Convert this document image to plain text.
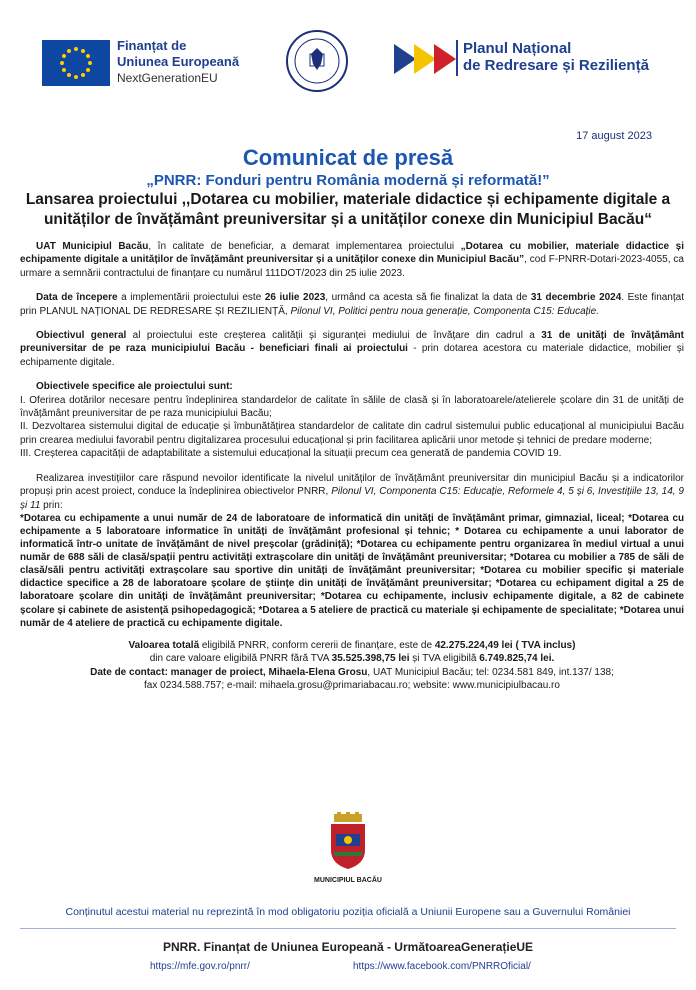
Finanțat de
Uniunea Europeană
NextGenerationEU
Planul Național
de Redresare și Reziliență
17 august 2023
Comunicat de presă
„PNRR: Fonduri pentru România modernă și reformată!”
Lansarea proiectului ,,Dotarea cu mobilier, materiale didactice și echipamente digitale a unităților de învățământ preuniversitar și a unităților conexe din Municipiul Bacău“

UAT Municipiul Bacău, în calitate de beneficiar, a demarat implementarea proiectului „Dotarea cu mobilier, materiale didactice și echipamente digitale a unităților de învățământ preuniversitar și a unităților conexe din Municipiul Bacău”, cod F-PNRR-Dotari-2023-4055, ca urmare a semnării contractului de finanțare cu numărul 111DOT/2023 din 25 iulie 2023.

Data de începere a implementării proiectului este 26 iulie 2023, urmând ca acesta să fie finalizat la data de 31 decembrie 2024. Este finanțat prin PLANUL NAȚIONAL DE REDRESARE ȘI REZILIENȚĂ, Pilonul VI, Politici pentru noua generație, Componenta C15: Educație.

Obiectivul general al proiectului este creșterea calității și siguranței mediului de învățare din cadrul a 31 de unități de învățământ preuniversitar de pe raza municipiului Bacău - beneficiari finali ai proiectului - prin dotarea acestora cu materiale didactice, mobilier și echipamente digitale.

Obiectivele specifice ale proiectului sunt:
I. Oferirea dotărilor necesare pentru îndeplinirea standardelor de calitate în sălile de clasă și în laboratoarele/atelierele școlare din 31 de unități de învățământ preuniversitar de pe raza municipiului Bacău;
II. Dezvoltarea sistemului digital de educație și îmbunătățirea standardelor de calitate din cadrul sistemului public educațional al municipiului Bacău prin crearea mediului favorabil pentru digitalizarea procesului educațional și prin facilitarea aplicării unor metode și tehnici de predare moderne;
III. Creșterea capacității de adaptabilitate a sistemului educațional la situații precum cea generată de pandemia COVID 19.
Realizarea investițiilor care răspund nevoilor identificate la nivelul unităților de învățământ preuniversitar din municipiul Bacău și a indicatorilor propuși prin acest proiect, conduce la îndeplinirea obiectivelor PNRR, Pilonul VI, Componenta C15: Educație, Reformele 4, 5 și 6, Investițiile 13, 14, 9 și 11 prin:
*Dotarea cu echipamente a unui număr de 24 de laboratoare de informatică din unități de învățământ primar, gimnazial, liceal; *Dotarea cu echipamente a 5 laboratoare informatice în unități de învățământ profesional și tehnic; * Dotarea cu echipamente a unui laborator de informatică într-o unitate de învățământ de nivel preșcolar (grădiniță); *Dotarea cu echipamente pentru organizarea în mediul virtual a unui număr de 688 săli de clasă/spații pentru activități extrașcolare din unități de învățământ preuniversitar; *Dotarea cu mobilier a 785 de săli de clasă/săli pentru activități extrașcolare sau sportive din unități de învățământ preuniversitar; *Dotarea cu mobilier specific și materiale didactice specifice a 28 de laboratoare școlare de științe din unități de învățământ preuniversitar; *Dotarea cu echipament digital a 25 de laboratoare școlare din unități de învățământ preuniversitar; *Dotarea cu echipamente, inclusiv echipamente digitale, a 82 de cabinete școlare și cabinete de asistență psihopedagogică; *Dotarea a 5 ateliere de practică cu materiale și echipamente de specialitate; *Dotarea unui număr de 4 ateliere de practică cu echipamente digitale.
Valoarea totală eligibilă PNRR, conform cererii de finanțare, este de 42.275.224,49 lei ( TVA inclus)
din care valoare eligibilă PNRR fără TVA 35.525.398,75 lei și TVA eligibilă 6.749.825,74 lei.
Date de contact: manager de proiect, Mihaela-Elena Grosu, UAT Municipiul Bacău; tel: 0234.581 849, int.137/ 138;
fax 0234.588.757; e-mail: mihaela.grosu@primariabacau.ro; website: www.municipiulbacau.ro
MUNICIPIUL BACĂU
Conținutul acestui material nu reprezintă în mod obligatoriu poziția oficială a Uniunii Europene sau a Guvernului României
PNRR. Finanțat de Uniunea Europeană - UrmătoareaGenerațieUE
https://mfe.gov.ro/pnrr/	https://www.facebook.com/PNRROficial/
